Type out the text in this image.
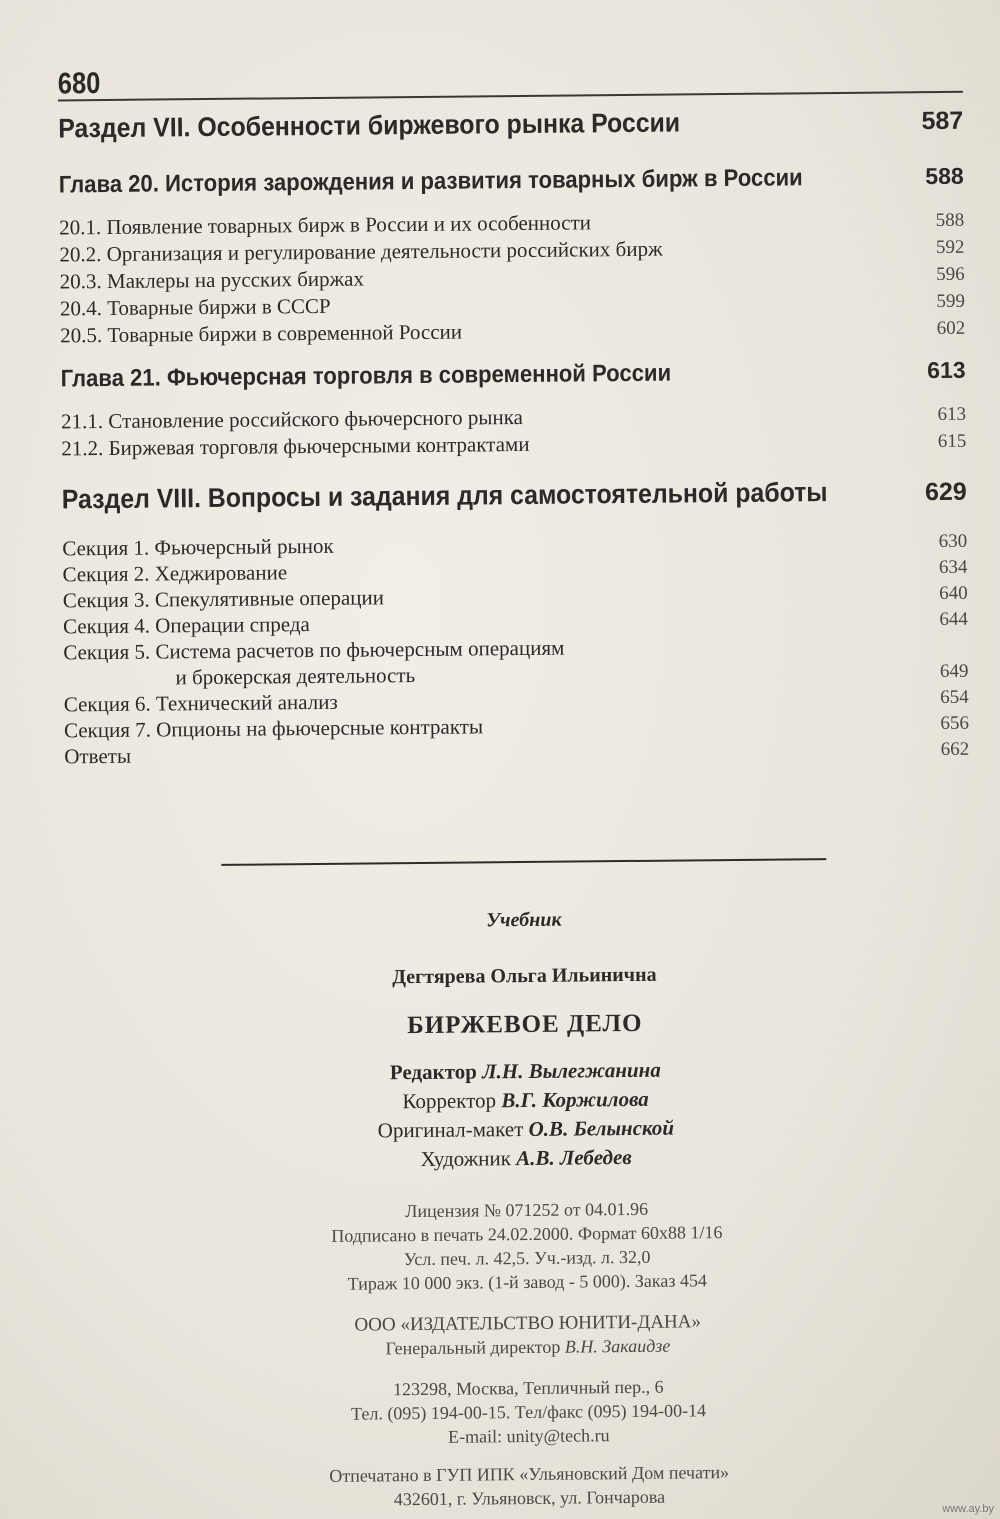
680
Раздел VII. Особенности биржевого рынка России	587
Глава 20. История зарождения и развития товарных бирж в России	588
20.1. Появление товарных бирж в России и их особенности	588
20.2. Организация и регулирование деятельности российских бирж	592
20.3. Маклеры на русских биржах	596
20.4. Товарные биржи в СССР	599
20.5. Товарные биржи в современной России	602
Глава 21. Фьючерсная торговля в современной России	613
21.1. Становление российского фьючерсного рынка	613
21.2. Биржевая торговля фьючерсными контрактами	615
Раздел VIII. Вопросы и задания для самостоятельной работы	629
Секция 1. Фьючерсный рынок	630
Секция 2. Хеджирование	634
Секция 3. Спекулятивные операции	640
Секция 4. Операции спреда	644
Секция 5. Система расчетов по фьючерсным операциям
и брокерская деятельность	649
Секция 6. Технический анализ	654
Секция 7. Опционы на фьючерсные контракты	656
Ответы	662
Учебник
Дегтярева Ольга Ильинична
БИРЖЕВОЕ ДЕЛО
Редактор Л.Н. Вылегжанина
Корректор В.Г. Коржилова
Оригинал-макет О.В. Белынской
Художник А.В. Лебедев
Лицензия № 071252 от 04.01.96
Подписано в печать 24.02.2000. Формат 60x88 1/16
Усл. печ. л. 42,5. Уч.-изд. л. 32,0
Тираж 10 000 экз. (1-й завод - 5 000). Заказ 454
ООО «ИЗДАТЕЛЬСТВО ЮНИТИ-ДАНА»
Генеральный директор В.Н. Закаидзе
123298, Москва, Тепличный пер., 6
Тел. (095) 194-00-15. Тел/факс (095) 194-00-14
E-mail: unity@tech.ru
Отпечатано в ГУП ИПК «Ульяновский Дом печати»
432601, г. Ульяновск, ул. Гончарова	www.ay.by
